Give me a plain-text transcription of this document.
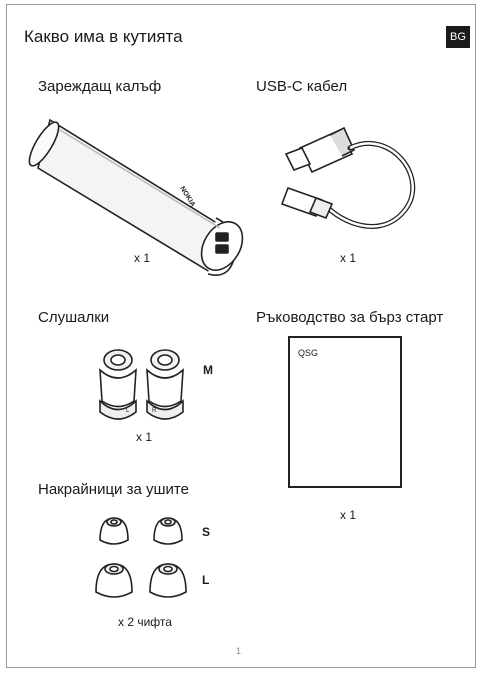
Какво има в кутията	BG
Зареждащ калъф
NOKIA
x 1
USB-C кабел
x 1
Слушалки
L	R
M
x 1
Ръководство за бърз старт
QSG
x 1
Накрайници за ушите
S
L
x 2 чифта
1
